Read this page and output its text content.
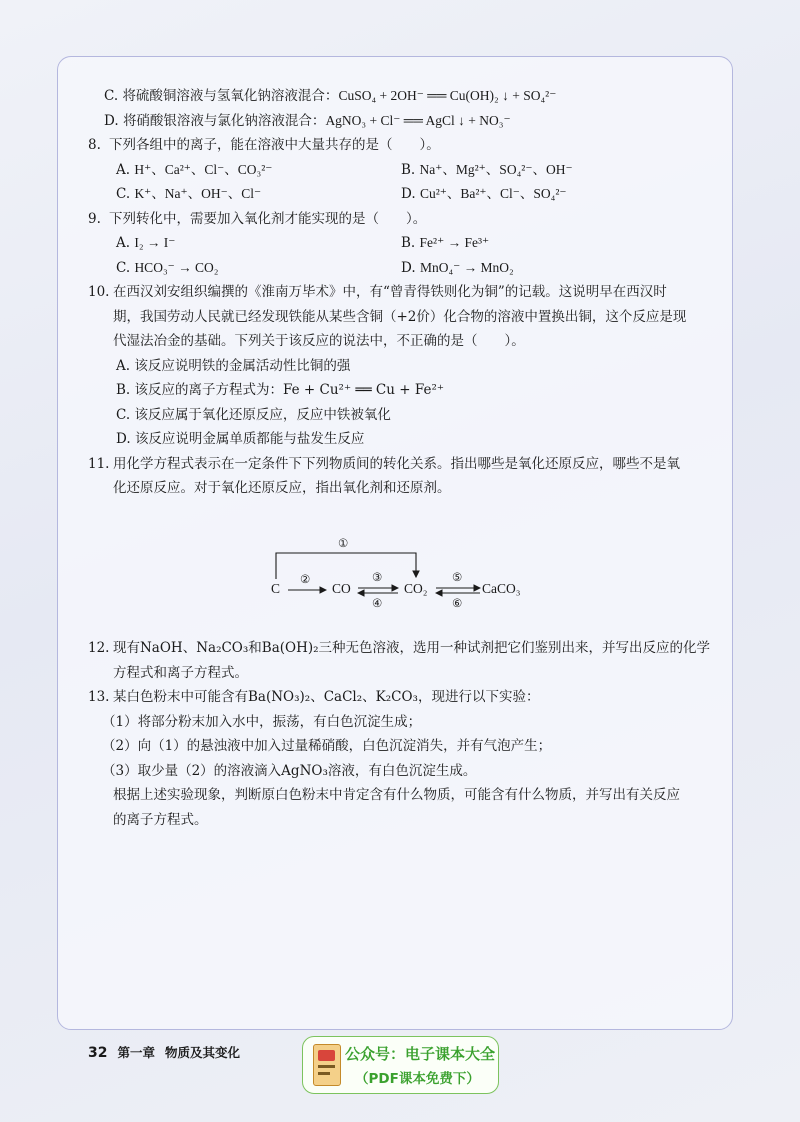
C. 将硫酸铜溶液与氢氧化钠溶液混合：CuSO₄ + 2OH⁻ ══ Cu(OH)₂ ↓ + SO₄²⁻
D. 将硝酸银溶液与氯化钠溶液混合：AgNO₃ + Cl⁻ ══ AgCl ↓ + NO₃⁻
8. 下列各组中的离子，能在溶液中大量共存的是（　　）。
A. H⁺、Ca²⁺、Cl⁻、CO₃²⁻	B. Na⁺、Mg²⁺、SO₄²⁻、OH⁻
C. K⁺、Na⁺、OH⁻、Cl⁻	D. Cu²⁺、Ba²⁺、Cl⁻、SO₄²⁻
9. 下列转化中，需要加入氧化剂才能实现的是（　　）。
A. I₂ → I⁻	B. Fe²⁺ → Fe³⁺
C. HCO₃⁻ → CO₂	D. MnO₄⁻ → MnO₂
10. 在西汉刘安组织编撰的《淮南万毕术》中，有“曾青得铁则化为铜”的记载。这说明早在西汉时
期，我国劳动人民就已经发现铁能从某些含铜（+2价）化合物的溶液中置换出铜，这个反应是现
代湿法冶金的基础。下列关于该反应的说法中，不正确的是（　　）。
A. 该反应说明铁的金属活动性比铜的强
B. 该反应的离子方程式为：Fe + Cu²⁺ ══ Cu + Fe²⁺
C. 该反应属于氧化还原反应，反应中铁被氧化
D. 该反应说明金属单质都能与盐发生反应
11. 用化学方程式表示在一定条件下下列物质间的转化关系。指出哪些是氧化还原反应，哪些不是氧
化还原反应。对于氧化还原反应，指出氧化剂和还原剂。
C	CO	CO₂	CaCO₃
①
②	③
④
⑤
⑥
12. 现有NaOH、Na₂CO₃和Ba(OH)₂三种无色溶液，选用一种试剂把它们鉴别出来，并写出反应的化学
方程式和离子方程式。
13. 某白色粉末中可能含有Ba(NO₃)₂、CaCl₂、K₂CO₃，现进行以下实验：
（1）将部分粉末加入水中，振荡，有白色沉淀生成；
（2）向（1）的悬浊液中加入过量稀硝酸，白色沉淀消失，并有气泡产生；
（3）取少量（2）的溶液滴入AgNO₃溶液，有白色沉淀生成。
根据上述实验现象，判断原白色粉末中肯定含有什么物质，可能含有什么物质，并写出有关反应
的离子方程式。
32 第一章 物质及其变化	公众号：电子课本大全
（PDF课本免费下）
